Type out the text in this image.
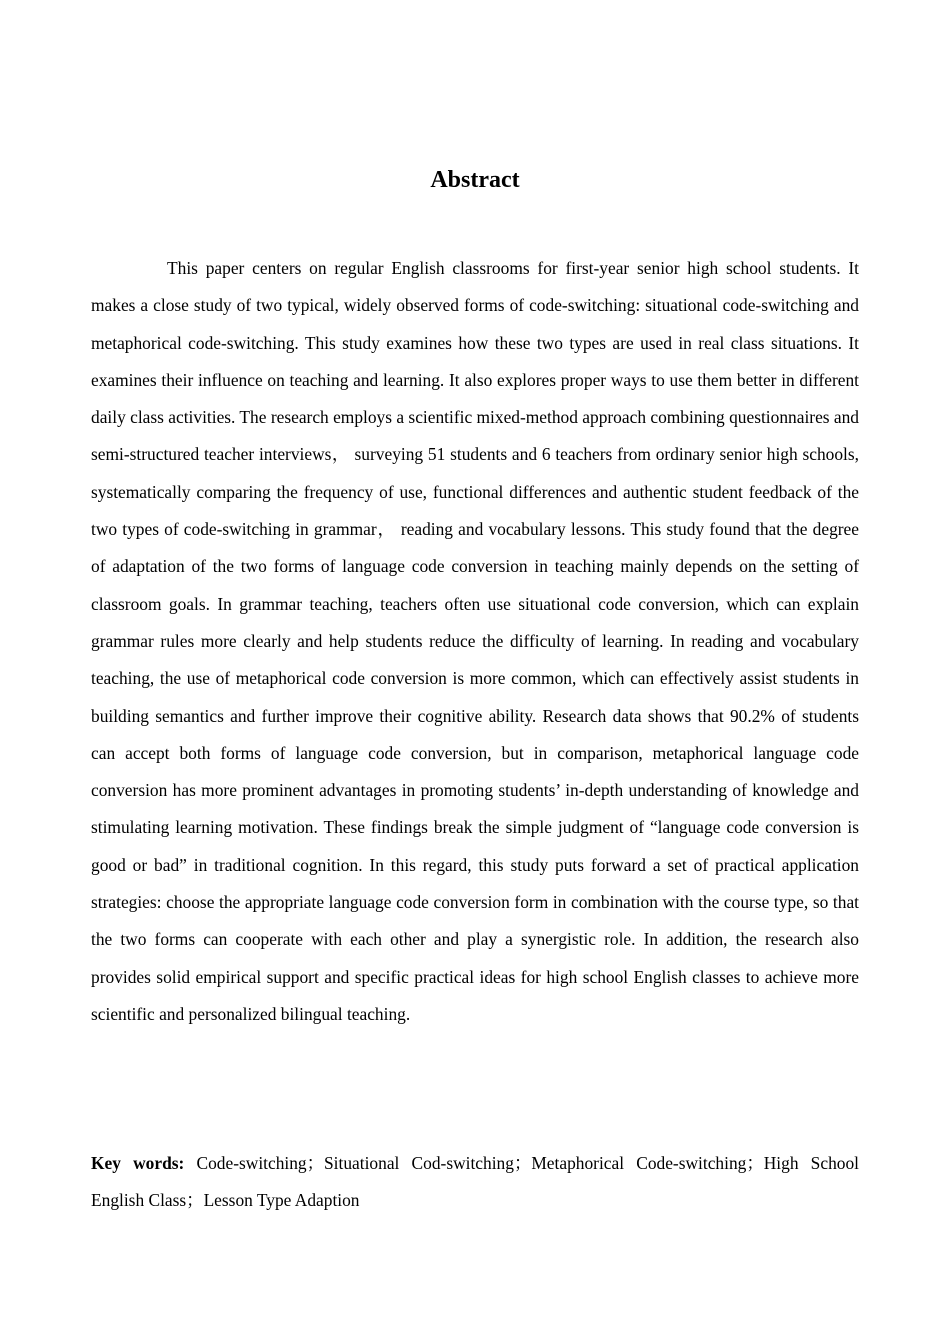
Abstract

This paper centers on regular English classrooms for first-year senior high school students. It makes a close study of two typical, widely observed forms of code-switching: situational code-switching and metaphorical code-switching. This study examines how these two types are used in real class situations. It examines their influence on teaching and learning. It also explores proper ways to use them better in different daily class activities. The research employs a scientific mixed-method approach combining questionnaires and semi-structured teacher interviews， surveying 51 students and 6 teachers from ordinary senior high schools, systematically comparing the frequency of use, functional differences and authentic student feedback of the two types of code-switching in grammar， reading and vocabulary lessons. This study found that the degree of adaptation of the two forms of language code conversion in teaching mainly depends on the setting of classroom goals. In grammar teaching, teachers often use situational code conversion, which can explain grammar rules more clearly and help students reduce the difficulty of learning. In reading and vocabulary teaching, the use of metaphorical code conversion is more common, which can effectively assist students in building semantics and further improve their cognitive ability. Research data shows that 90.2% of students can accept both forms of language code conversion, but in comparison, metaphorical language code conversion has more prominent advantages in promoting students’ in-depth understanding of knowledge and stimulating learning motivation. These findings break the simple judgment of “language code conversion is good or bad” in traditional cognition. In this regard, this study puts forward a set of practical application strategies: choose the appropriate language code conversion form in combination with the course type, so that the two forms can cooperate with each other and play a synergistic role. In addition, the research also provides solid empirical support and specific practical ideas for high school English classes to achieve more scientific and personalized bilingual teaching.

Key words: Code-switching；Situational Cod-switching；Metaphorical Code-switching；High School English Class；Lesson Type Adaption
